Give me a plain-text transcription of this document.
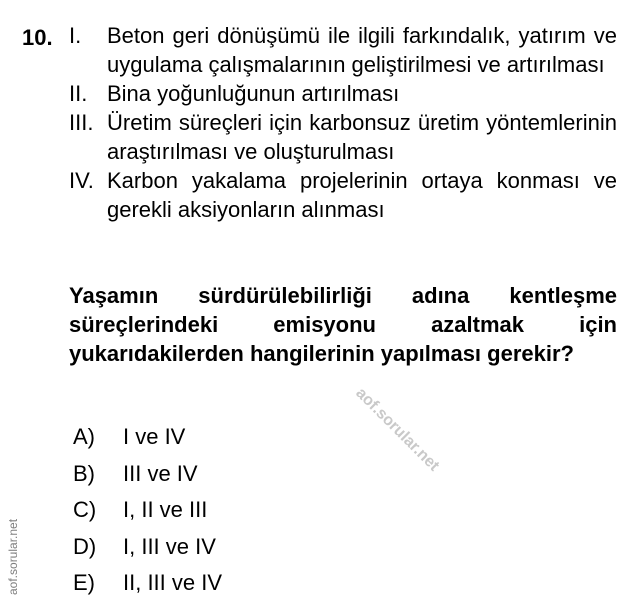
10. I.	Beton geri dönüşümü ile ilgili farkındalık, yatırım ve uygulama çalışmalarının geliştirilmesi ve artırılması
II. Bina yoğunluğunun artırılması
III. Üretim süreçleri için karbonsuz üretim yöntemlerinin araştırılması ve oluşturulması
IV. Karbon yakalama projelerinin ortaya konması ve gerekli aksiyonların alınması
Yaşamın sürdürülebilirliği adına kentleşme süreçlerindeki emisyonu azaltmak için yukarıdakilerden hangilerinin yapılması gerekir?
A)	I ve IV
B)	III ve IV
C)	I, II ve III
D)	I, III ve IV
E)	II, III ve IV
aof.sorular.net
aof.sorular.net
